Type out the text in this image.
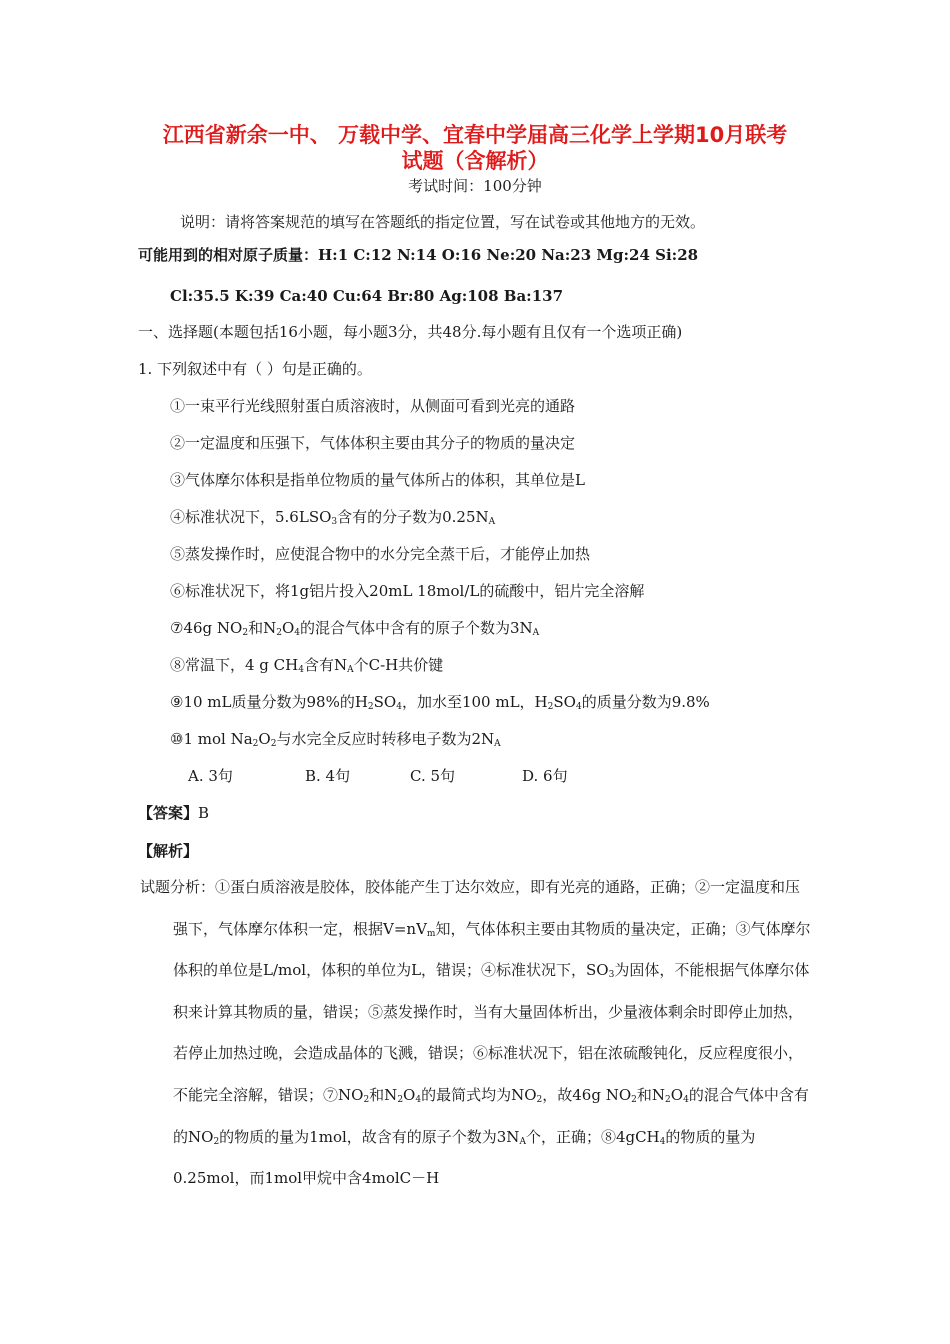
江西省新余一中、 万载中学、宜春中学届高三化学上学期10月联考
试题（含解析）
考试时间：100分钟
说明：请将答案规范的填写在答题纸的指定位置，写在试卷或其他地方的无效。
可能用到的相对原子质量：H:1 C:12 N:14 O:16 Ne:20 Na:23 Mg:24 Si:28
Cl:35.5 K:39 Ca:40 Cu:64 Br:80 Ag:108 Ba:137
一、选择题(本题包括16小题，每小题3分，共48分.每小题有且仅有一个选项正确)
1. 下列叙述中有（ ）句是正确的。
①一束平行光线照射蛋白质溶液时，从侧面可看到光亮的通路
②一定温度和压强下，气体体积主要由其分子的物质的量决定
③气体摩尔体积是指单位物质的量气体所占的体积，其单位是L
④标准状况下，$5.6LSO_3$含有的分子数为$0.25N_A$
⑤蒸发操作时，应使混合物中的水分完全蒸干后，才能停止加热
⑥标准状况下，将1g铝片投入20mL 18mol/L的硫酸中，铝片完全溶解
⑦46g $NO_2$和$N_2O_4$的混合气体中含有的原子个数为$3N_A$
⑧常温下，4 g $CH_4$含有$N_A$个C-H共价键
⑨10 mL质量分数为98%的$H_2SO_4$，加水至100 mL，$H_2SO_4$的质量分数为9.8%
⑩1 mol $Na_2O_2$与水完全反应时转移电子数为$2N_A$
A. 3句	B. 4句	C. 5句	D. 6句
【答案】B
【解析】
试题分析：①蛋白质溶液是胶体，胶体能产生丁达尔效应，即有光亮的通路，正确；②一定温度和压强下，气体摩尔体积一定，根据$V=nV_m$知，气体体积主要由其物质的量决定，正确；③气体摩尔体积的单位是L/mol，体积的单位为L，错误；④标准状况下，$SO_3$为固体，不能根据气体摩尔体积来计算其物质的量，错误；⑤蒸发操作时，当有大量固体析出，少量液体剩余时即停止加热，若停止加热过晚，会造成晶体的飞溅，错误；⑥标准状况下，铝在浓硫酸钝化，反应程度很小，不能完全溶解，错误；$⑦NO_2$和$N_2O_4$的最简式均为$NO_2$，故46g $NO_2$和$N_2O_4$的混合气体中含有的$NO_2$的物质的量为1mol，故含有的原子个数为$3N_A$个，正确；⑧4gCH$_4$的物质的量为0.25mol，而1mol甲烷中含4molC－H
